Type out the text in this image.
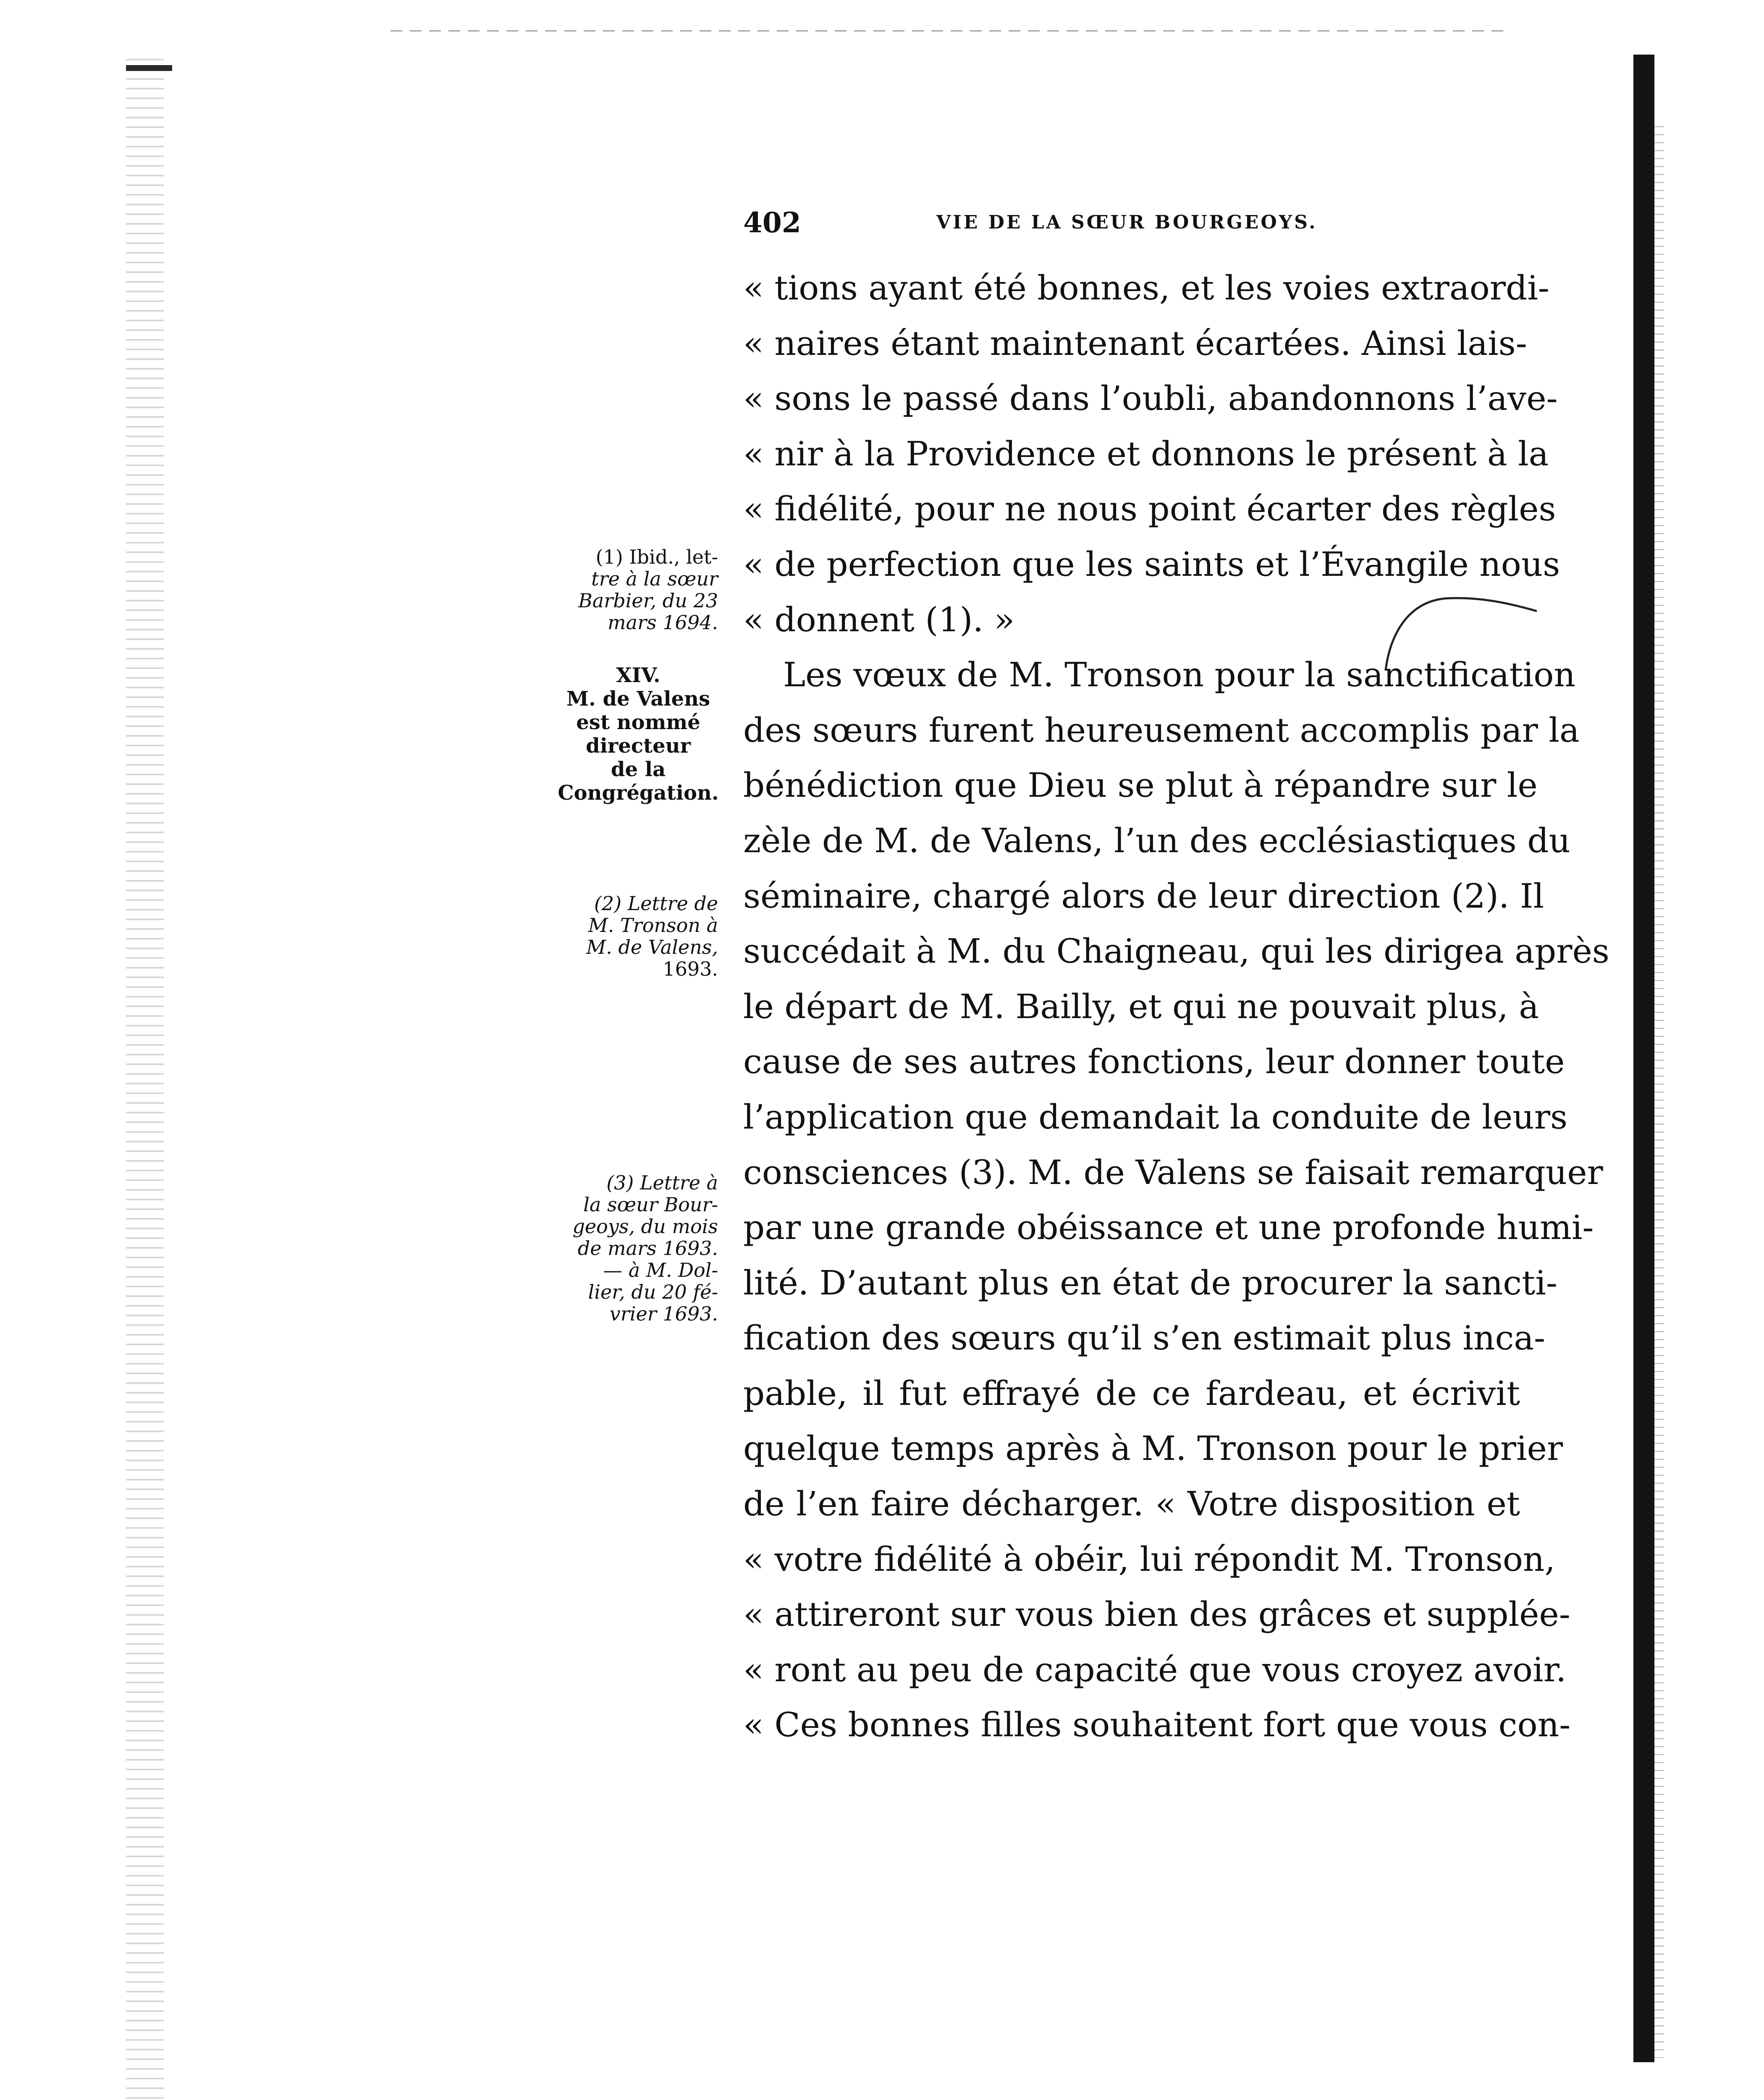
402	VIE DE LA SŒUR BOURGEOYS.
« tions ayant été bonnes, et les voies extraordi-
« naires étant maintenant écartées. Ainsi lais-
« sons le passé dans l’oubli, abandonnons l’ave-
« nir à la Providence et donnons le présent à la
« fidélité, pour ne nous point écarter des règles
« de perfection que les saints et l’Évangile nous
« donnent (1). »
Les vœux de M. Tronson pour la sanctification
des sœurs furent heureusement accomplis par la
bénédiction que Dieu se plut à répandre sur le
zèle de M. de Valens, l’un des ecclésiastiques du
séminaire, chargé alors de leur direction (2). Il
succédait à M. du Chaigneau, qui les dirigea après
le départ de M. Bailly, et qui ne pouvait plus, à
cause de ses autres fonctions, leur donner toute
l’application que demandait la conduite de leurs
consciences (3). M. de Valens se faisait remarquer
par une grande obéissance et une profonde humi-
lité. D’autant plus en état de procurer la sancti-
fication des sœurs qu’il s’en estimait plus inca-
pable, il fut effrayé de ce fardeau, et écrivit
quelque temps après à M. Tronson pour le prier
de l’en faire décharger. « Votre disposition et
« votre fidélité à obéir, lui répondit M. Tronson,
« attireront sur vous bien des grâces et supplée-
« ront au peu de capacité que vous croyez avoir.
« Ces bonnes filles souhaitent fort que vous con-
(1) Ibid., let-
tre à la sœur
Barbier, du 23
mars 1694.
XIV.
M. de Valens
est nommé
directeur
de la
Congrégation.
(2) Lettre de
M. Tronson à
M. de Valens,
1693.
(3) Lettre à
la sœur Bour-
geoys, du mois
de mars 1693.
— à M. Dol-
lier, du 20 fé-
vrier 1693.
